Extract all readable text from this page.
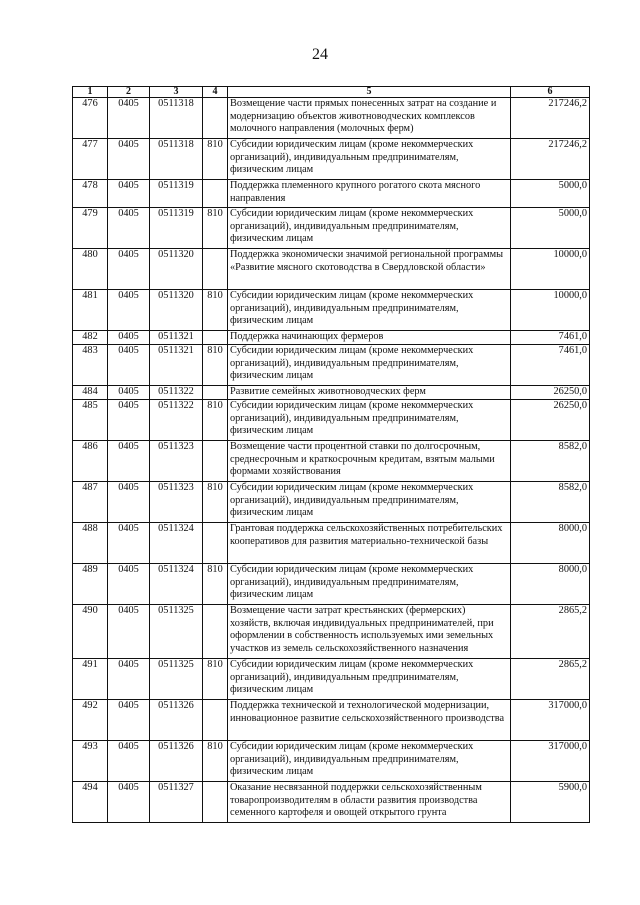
24
1	2	3	4	5	6
476	0405	0511318		Возмещение части прямых понесенных затрат на создание и модернизацию объектов животноводческих комплексов молочного направления (молочных ферм)	217246,2
477	0405	0511318	810	Субсидии юридическим лицам (кроме некоммерческих организаций), индивидуальным предпринимателям, физическим лицам	217246,2
478	0405	0511319		Поддержка племенного крупного рогатого скота мясного направления	5000,0
479	0405	0511319	810	Субсидии юридическим лицам (кроме некоммерческих организаций), индивидуальным предпринимателям, физическим лицам	5000,0
480	0405	0511320		Поддержка экономически значимой региональной программы «Развитие мясного скотоводства в Свердловской области»	10000,0
481	0405	0511320	810	Субсидии юридическим лицам (кроме некоммерческих организаций), индивидуальным предпринимателям, физическим лицам	10000,0
482	0405	0511321		Поддержка начинающих фермеров	7461,0
483	0405	0511321	810	Субсидии юридическим лицам (кроме некоммерческих организаций), индивидуальным предпринимателям, физическим лицам	7461,0
484	0405	0511322		Развитие семейных животноводческих ферм	26250,0
485	0405	0511322	810	Субсидии юридическим лицам (кроме некоммерческих организаций), индивидуальным предпринимателям, физическим лицам	26250,0
486	0405	0511323		Возмещение части процентной ставки по долгосрочным, среднесрочным и краткосрочным кредитам, взятым малыми формами хозяйствования	8582,0
487	0405	0511323	810	Субсидии юридическим лицам (кроме некоммерческих организаций), индивидуальным предпринимателям, физическим лицам	8582,0
488	0405	0511324		Грантовая поддержка сельскохозяйственных потребительских кооперативов для развития материально-технической базы	8000,0
489	0405	0511324	810	Субсидии юридическим лицам (кроме некоммерческих организаций), индивидуальным предпринимателям, физическим лицам	8000,0
490	0405	0511325		Возмещение части затрат крестьянских (фермерских) хозяйств, включая индивидуальных предпринимателей, при оформлении в собственность используемых ими земельных участков из земель сельскохозяйственного назначения	2865,2
491	0405	0511325	810	Субсидии юридическим лицам (кроме некоммерческих организаций), индивидуальным предпринимателям, физическим лицам	2865,2
492	0405	0511326		Поддержка технической и технологической модернизации, инновационное развитие сельскохозяйственного производства	317000,0
493	0405	0511326	810	Субсидии юридическим лицам (кроме некоммерческих организаций), индивидуальным предпринимателям, физическим лицам	317000,0
494	0405	0511327		Оказание несвязанной поддержки сельскохозяйственным товаропроизводителям в области развития производства семенного картофеля и овощей открытого грунта	5900,0
